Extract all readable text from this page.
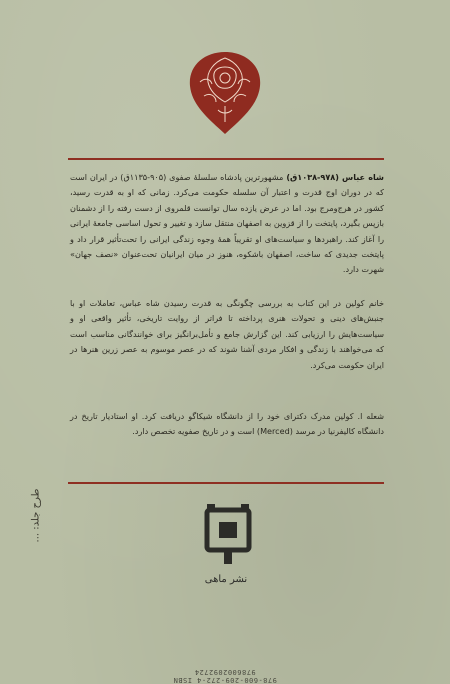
شاه عباس (۹۷۸-۱۰۳۸ق)مشهورترین پادشاه سلسلهٔ صفوی (۹۰۵-۱۱۳۵ق) در ایران است که در دوران اوج قدرت و اعتبار آن سلسله حکومت می‌کرد. زمانی که او به قدرت رسید، کشور در هرج‌ومرج بود. اما در عرض یازده سال توانست قلمروی از دست رفته را از دشمنان بازپس بگیرد، پایتخت را از قزوین به اصفهان منتقل سازد و تغییر و تحول اساسی جامعهٔ ایرانی را آغاز کند. راهبردها و سیاست‌های او تقریباً همهٔ وجوه زندگی ایرانی را تحت‌تأثیر قرار داد و پایتخت جدیدی که ساخت، اصفهان باشکوه، هنوز در میان ایرانیان تحت‌عنوان «نصف جهان» شهرت دارد.
خانم کولین در این کتاب به بررسی چگونگی به قدرت رسیدن شاه عباس، تعاملات او با جنبش‌های دینی و تحولات هنری پرداخته تا فراتر از روایت تاریخی، تأثیر واقعی او و سیاست‌هایش را ارزیابی کند. این گزارش جامع و تأمل‌برانگیز برای خوانندگانی مناسب است که می‌خواهند با زندگی و افکار مردی آشنا شوند که در عصر موسوم به عصر زرین هنرها در ایران حکومت می‌کرد.
شعله ا. کولین مدرک دکترای خود را از دانشگاه شیکاگو دریافت کرد. او استادیار تاریخ در دانشگاه کالیفرنیا در مرسد (Merced) است و در تاریخ صفویه تخصص دارد.
طرح جلد: ...
نشر ماهی
978-600-209-272-4 ISBN
9786002092724
